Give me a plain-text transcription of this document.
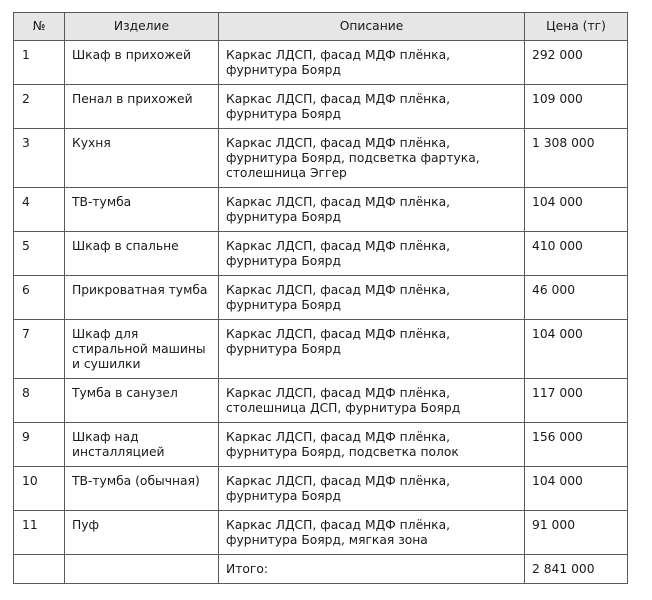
№	Изделие	Описание	Цена (тг)
1	Шкаф в прихожей	Каркас ЛДСП, фасад МДФ плёнка, фурнитура Боярд	292 000
2	Пенал в прихожей	Каркас ЛДСП, фасад МДФ плёнка, фурнитура Боярд	109 000
3	Кухня	Каркас ЛДСП, фасад МДФ плёнка, фурнитура Боярд, подсветка фартука, столешница Эггер	1 308 000
4	ТВ-тумба	Каркас ЛДСП, фасад МДФ плёнка, фурнитура Боярд	104 000
5	Шкаф в спальне	Каркас ЛДСП, фасад МДФ плёнка, фурнитура Боярд	410 000
6	Прикроватная тумба	Каркас ЛДСП, фасад МДФ плёнка, фурнитура Боярд	46 000
7	Шкаф для стиральной машины и сушилки	Каркас ЛДСП, фасад МДФ плёнка, фурнитура Боярд	104 000
8	Тумба в санузел	Каркас ЛДСП, фасад МДФ плёнка, столешница ДСП, фурнитура Боярд	117 000
9	Шкаф над инсталляцией	Каркас ЛДСП, фасад МДФ плёнка, фурнитура Боярд, подсветка полок	156 000
10	ТВ-тумба (обычная)	Каркас ЛДСП, фасад МДФ плёнка, фурнитура Боярд	104 000
11	Пуф	Каркас ЛДСП, фасад МДФ плёнка, фурнитура Боярд, мягкая зона	91 000
		Итого:	2 841 000
